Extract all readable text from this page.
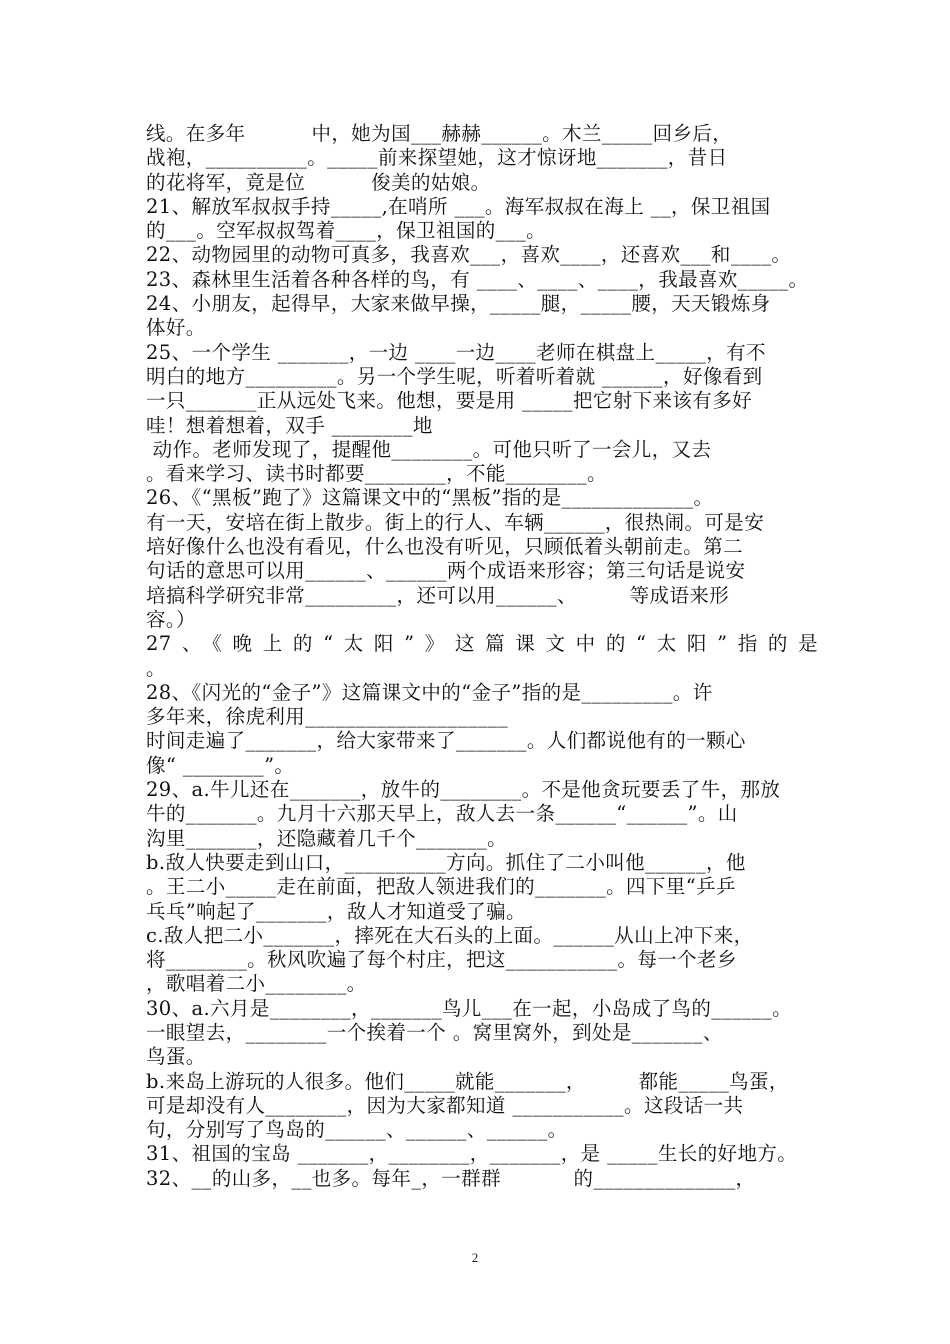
线。在多年          中，她为国___赫赫______。木兰_____回乡后，
战袍，__________。_____前来探望她，这才惊讶地_______，昔日
的花将军，竟是位          俊美的姑娘。
21、解放军叔叔手持_____,在哨所 ___。海军叔叔在海上 __，保卫祖国
的___。空军叔叔驾着____，保卫祖国的___。
22、动物园里的动物可真多，我喜欢___，喜欢____，还喜欢___和____。
23、森林里生活着各种各样的鸟，有 ____、____、____，我最喜欢_____。
24、小朋友，起得早，大家来做早操，_____腿，_____腰，天天锻炼身
体好。
25、一个学生 _______，一边 ____一边____老师在棋盘上_____，有不
明白的地方_________。另一个学生呢，听着听着就 ______，好像看到
一只_______正从远处飞来。他想，要是用 _____把它射下来该有多好
哇！想着想着，双手 ________地
动作。老师发现了，提醒他________。可他只听了一会儿，又去
。看来学习、读书时都要________，不能________。
26、《“黑板”跑了》这篇课文中的“黑板”指的是_____________。
有一天，安培在街上散步。街上的行人、车辆______，很热闹。可是安
培好像什么也没有看见，什么也没有听见，只顾低着头朝前走。第二
句话的意思可以用______、______两个成语来形容；第三句话是说安
培搞科学研究非常_________，还可以用______、        等成语来形
容。）
27、《晚上的“太阳”》这篇课文中的“太阳”指的是
。
28、《闪光的“金子”》这篇课文中的“金子”指的是_________。许
多年来，徐虎利用____________________
时间走遍了_______，给大家带来了_______。人们都说他有的一颗心
像“ ________”。
29、a.牛儿还在_______，放牛的________。不是他贪玩要丢了牛，那放
牛的_______。九月十六那天早上，敌人去一条______“______”。山
沟里_______，还隐藏着几千个_______。
b.敌人快要走到山口，__________方向。抓住了二小叫他______，他
。王二小_____走在前面，把敌人领进我们的_______。四下里“乒乒
乓乓”响起了_______，敌人才知道受了骗。
c.敌人把二小_______，摔死在大石头的上面。______从山上冲下来，
将________。秋风吹遍了每个村庄，把这___________。每一个老乡
，歌唱着二小________。
30、a.六月是________，_______鸟儿___在一起，小岛成了鸟的______。
一眼望去，________一个挨着一个 。窝里窝外，到处是_______、
鸟蛋。
b.来岛上游玩的人很多。他们_____就能_______，        都能_____鸟蛋，
可是却没有人________，因为大家都知道 ___________。这段话一共
句，分别写了鸟岛的______、______、______。
31、祖国的宝岛 _______，________，_______，是 _____生长的好地方。
32、__的山多，__也多。每年_，一群群           的______________，
2
